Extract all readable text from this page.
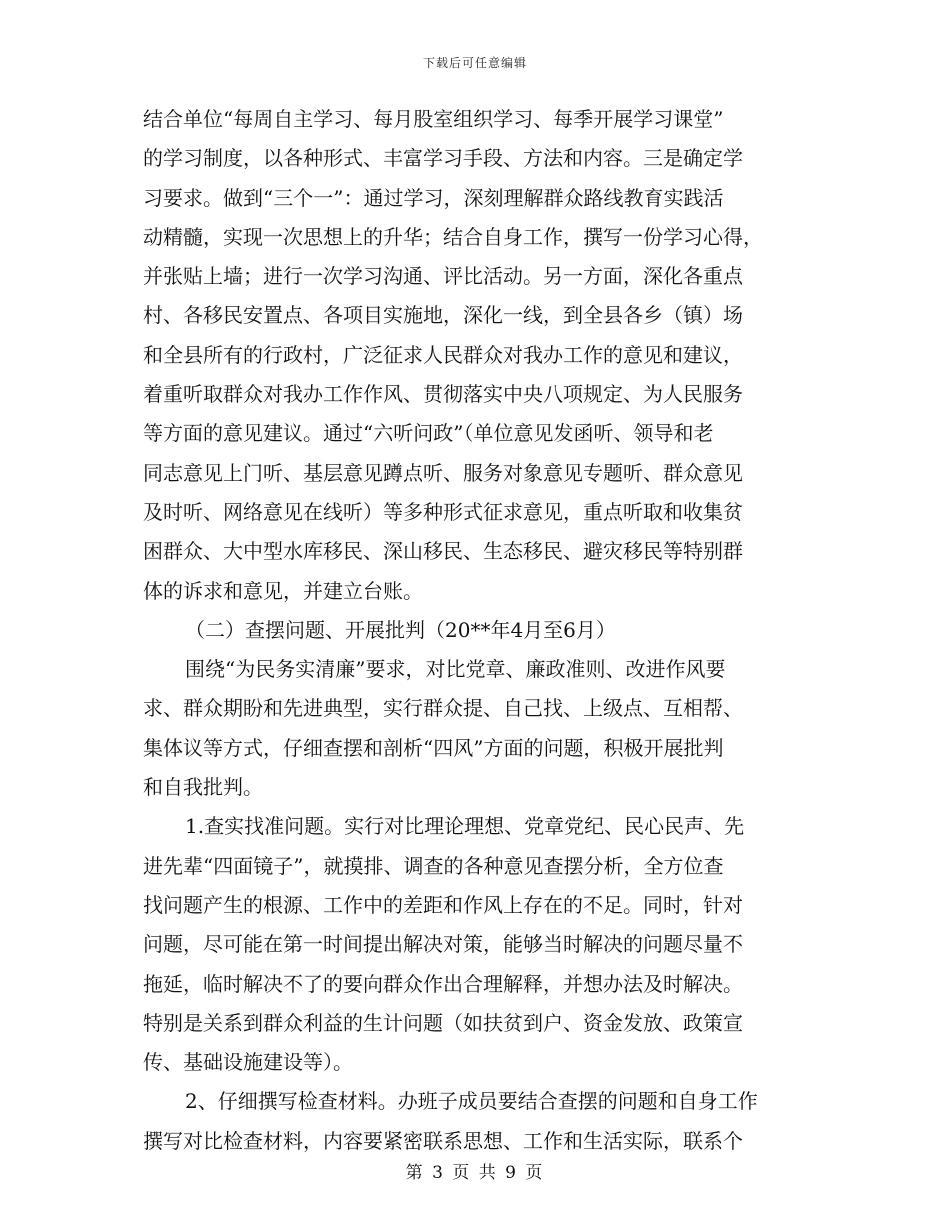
下载后可任意编辑
结合单位“每周自主学习、每月股室组织学习、每季开展学习课堂”
的学习制度，以各种形式、丰富学习手段、方法和内容。三是确定学
习要求。做到“三个一”：通过学习，深刻理解群众路线教育实践活
动精髓，实现一次思想上的升华；结合自身工作，撰写一份学习心得，
并张贴上墙；进行一次学习沟通、评比活动。另一方面，深化各重点
村、各移民安置点、各项目实施地，深化一线，到全县各乡（镇）场
和全县所有的行政村，广泛征求人民群众对我办工作的意见和建议，
着重听取群众对我办工作作风、贯彻落实中央八项规定、为人民服务
等方面的意见建议。通过“六听问政”（单位意见发函听、领导和老
同志意见上门听、基层意见蹲点听、服务对象意见专题听、群众意见
及时听、网络意见在线听）等多种形式征求意见，重点听取和收集贫
困群众、大中型水库移民、深山移民、生态移民、避灾移民等特别群
体的诉求和意见，并建立台账。
（二）查摆问题、开展批判（20**年4月至6月）
围绕“为民务实清廉”要求，对比党章、廉政准则、改进作风要
求、群众期盼和先进典型，实行群众提、自己找、上级点、互相帮、
集体议等方式，仔细查摆和剖析“四风”方面的问题，积极开展批判
和自我批判。
1.查实找准问题。实行对比理论理想、党章党纪、民心民声、先
进先辈“四面镜子”，就摸排、调查的各种意见查摆分析，全方位查
找问题产生的根源、工作中的差距和作风上存在的不足。同时，针对
问题，尽可能在第一时间提出解决对策，能够当时解决的问题尽量不
拖延，临时解决不了的要向群众作出合理解释，并想办法及时解决。
特别是关系到群众利益的生计问题（如扶贫到户、资金发放、政策宣
传、基础设施建设等）。
2、仔细撰写检查材料。办班子成员要结合查摆的问题和自身工作
撰写对比检查材料，内容要紧密联系思想、工作和生活实际，联系个
第 3 页 共 9 页
